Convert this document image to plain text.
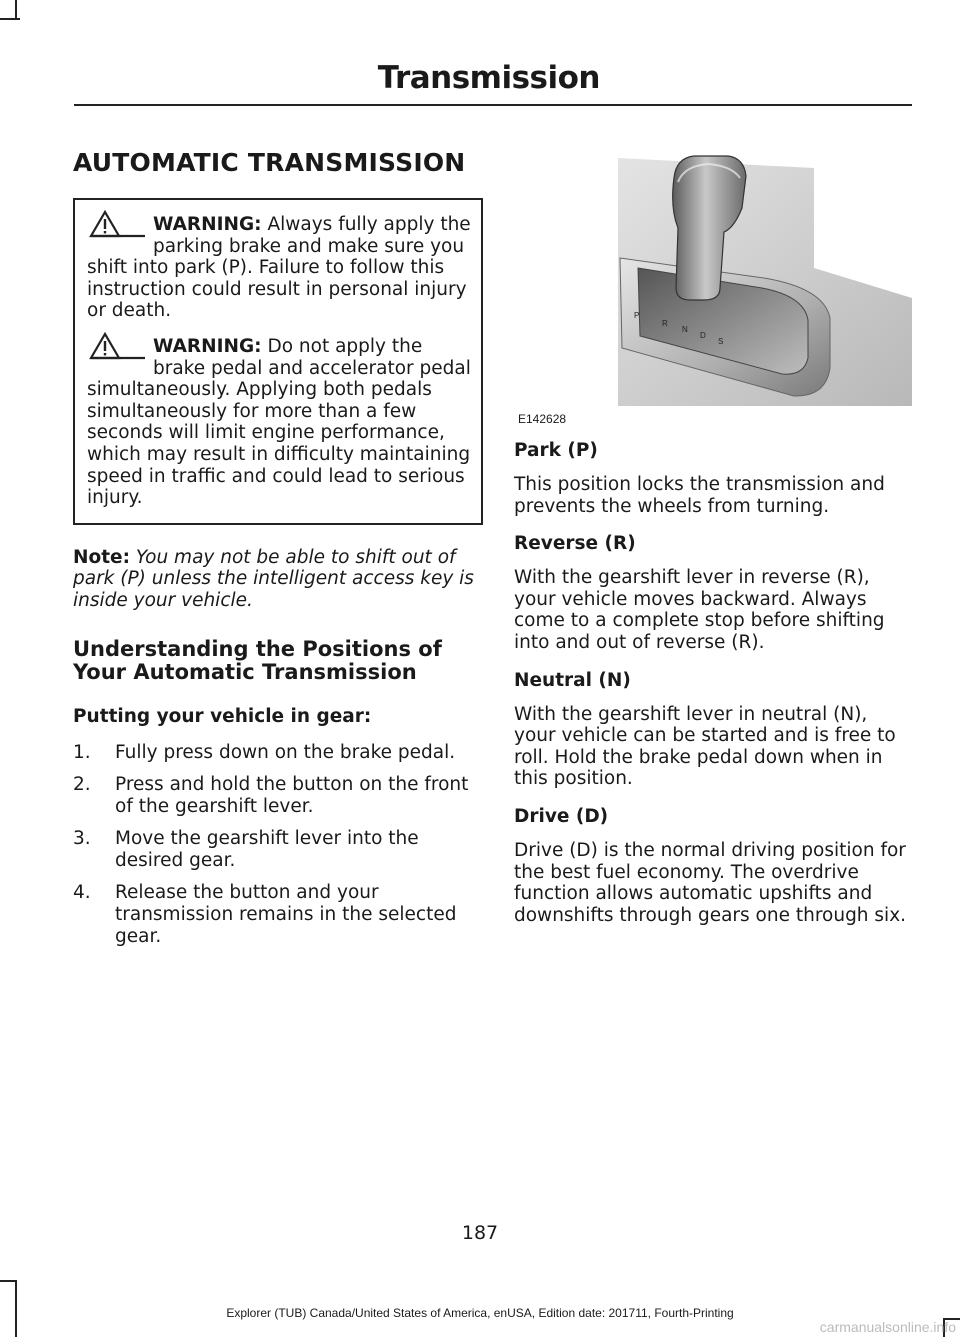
Transmission
AUTOMATIC TRANSMISSION

WARNING: Always fully apply the parking brake and make sure you shift into park (P). Failure to follow this instruction could result in personal injury or death.

WARNING: Do not apply the brake pedal and accelerator pedal simultaneously. Applying both pedals simultaneously for more than a few seconds will limit engine performance, which may result in difficulty maintaining speed in traffic and could lead to serious injury.

Note: You may not be able to shift out of park (P) unless the intelligent access key is inside your vehicle.

Understanding the Positions of Your Automatic Transmission
Putting your vehicle in gear:
1. Fully press down on the brake pedal.
2. Press and hold the button on the front of the gearshift lever.
3. Move the gearshift lever into the desired gear.
4. Release the button and your transmission remains in the selected gear.
P
R
N
D
S
E142628
Park (P)

This position locks the transmission and prevents the wheels from turning.

Reverse (R)

With the gearshift lever in reverse (R), your vehicle moves backward. Always come to a complete stop before shifting into and out of reverse (R).

Neutral (N)

With the gearshift lever in neutral (N), your vehicle can be started and is free to roll. Hold the brake pedal down when in this position.

Drive (D)

Drive (D) is the normal driving position for the best fuel economy. The overdrive function allows automatic upshifts and downshifts through gears one through six.

187
Explorer (TUB) Canada/United States of America, enUSA, Edition date: 201711, Fourth-Printing
carmanualsonline.info
